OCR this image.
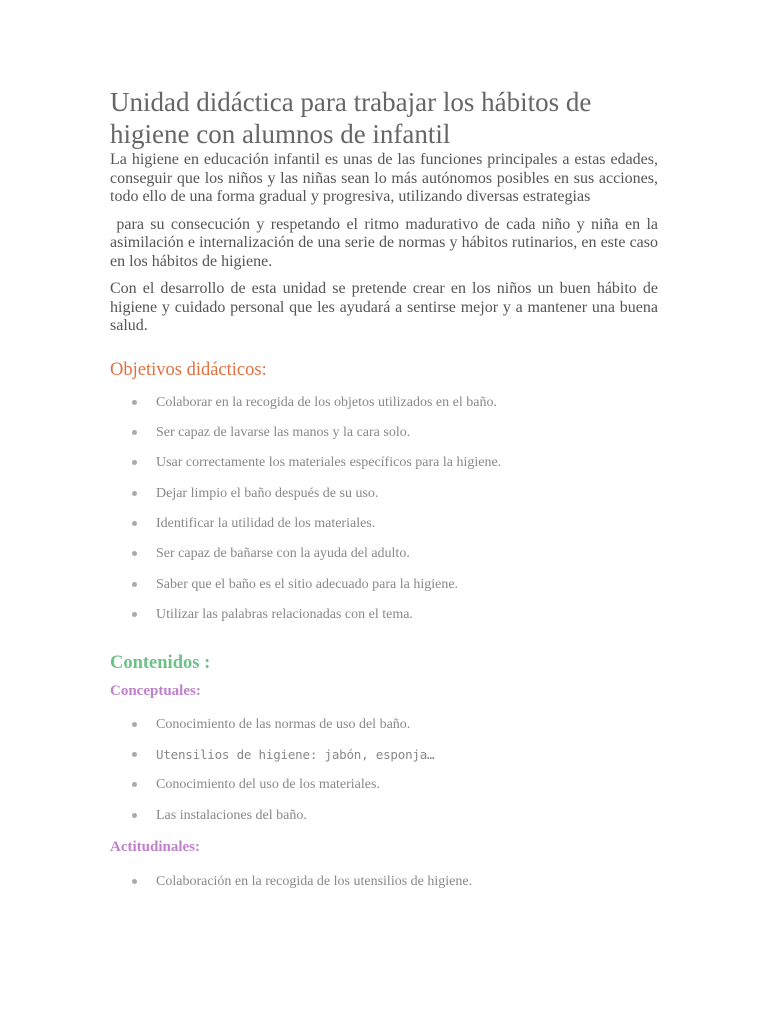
Unidad didáctica para trabajar los hábitos de higiene con alumnos de infantil

La higiene en educación infantil es unas de las funciones principales a estas edades, conseguir que los niños y las niñas sean lo más autónomos posibles en sus acciones, todo ello de una forma gradual y progresiva, utilizando diversas estrategias

para su consecución y respetando el ritmo madurativo de cada niño y niña en la asimilación e internalización de una serie de normas y hábitos rutinarios, en este caso en los hábitos de higiene.

Con el desarrollo de esta unidad se pretende crear en los niños un buen hábito de higiene y cuidado personal que les ayudará a sentirse mejor y a mantener una buena salud.

Objetivos didácticos:
Colaborar en la recogida de los objetos utilizados en el baño.
Ser capaz de lavarse las manos y la cara solo.
Usar correctamente los materiales específicos para la higiene.
Dejar limpio el baño después de su uso.
Identificar la utilidad de los materiales.
Ser capaz de bañarse con la ayuda del adulto.
Saber que el baño es el sitio adecuado para la higiene.
Utilizar las palabras relacionadas con el tema.
Contenidos :
Conceptuales:
Conocimiento de las normas de uso del baño.
Utensilios de higiene: jabón, esponja…
Conocimiento del uso de los materiales.
Las instalaciones del baño.
Actitudinales:
Colaboración en la recogida de los utensilios de higiene.
